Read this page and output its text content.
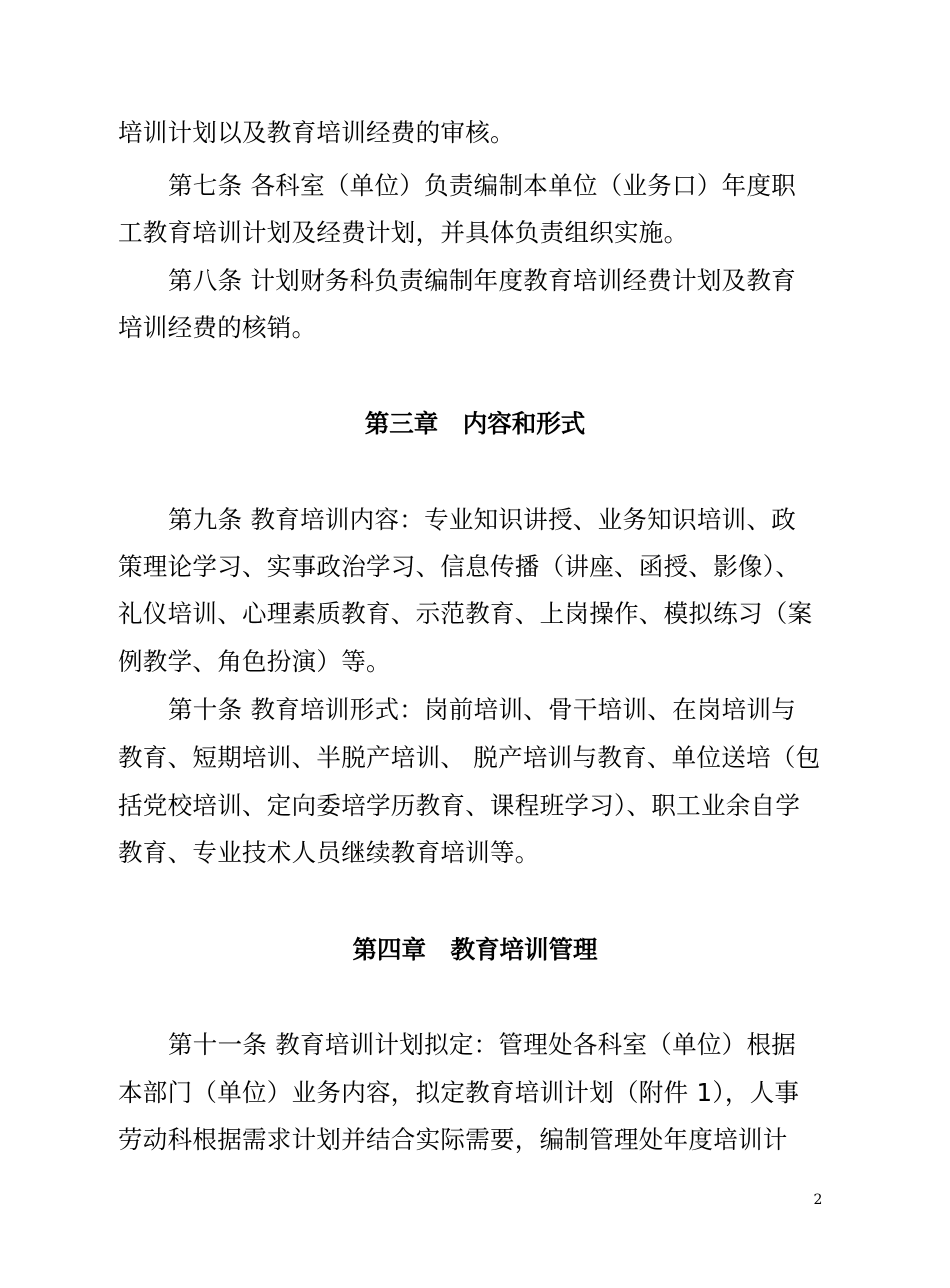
培训计划以及教育培训经费的审核。
第七条 各科室（单位）负责编制本单位（业务口）年度职
工教育培训计划及经费计划，并具体负责组织实施。
第八条 计划财务科负责编制年度教育培训经费计划及教育
培训经费的核销。
第三章　内容和形式
第九条 教育培训内容：专业知识讲授、业务知识培训、政
策理论学习、实事政治学习、信息传播（讲座、函授、影像）、
礼仪培训、心理素质教育、示范教育、上岗操作、模拟练习（案
例教学、角色扮演）等。
第十条 教育培训形式：岗前培训、骨干培训、在岗培训与
教育、短期培训、半脱产培训、 脱产培训与教育、单位送培（包
括党校培训、定向委培学历教育、课程班学习）、职工业余自学
教育、专业技术人员继续教育培训等。
第四章　教育培训管理
第十一条 教育培训计划拟定：管理处各科室（单位）根据
本部门（单位）业务内容，拟定教育培训计划（附件 1），人事
劳动科根据需求计划并结合实际需要，编制管理处年度培训计
2
